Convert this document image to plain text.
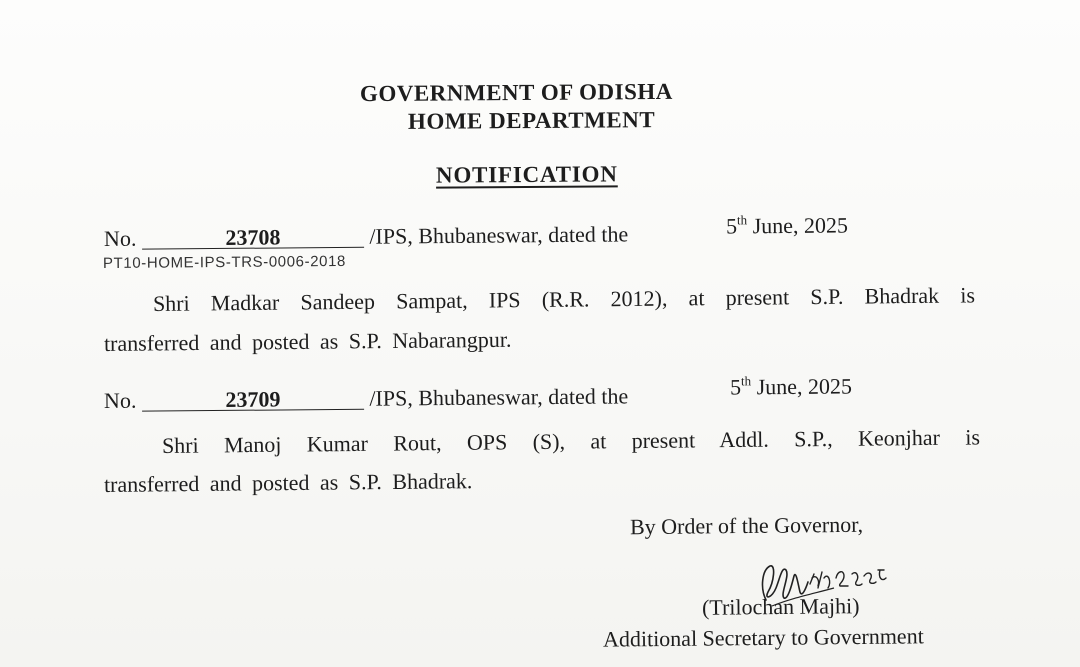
GOVERNMENT OF ODISHA
HOME DEPARTMENT
NOTIFICATION
No.	23708	/IPS, Bhubaneswar, dated the	5th June, 2025
PT10-HOME-IPS-TRS-0006-2018
Shri Madkar Sandeep Sampat, IPS (R.R. 2012), at present S.P. Bhadrak is
transferred and posted as S.P. Nabarangpur.
No.	23709	/IPS, Bhubaneswar, dated the	5th June, 2025
Shri Manoj Kumar Rout, OPS (S), at present Addl. S.P., Keonjhar is
transferred and posted as S.P. Bhadrak.
By Order of the Governor,
(Trilochan Majhi)
Additional Secretary to Government
